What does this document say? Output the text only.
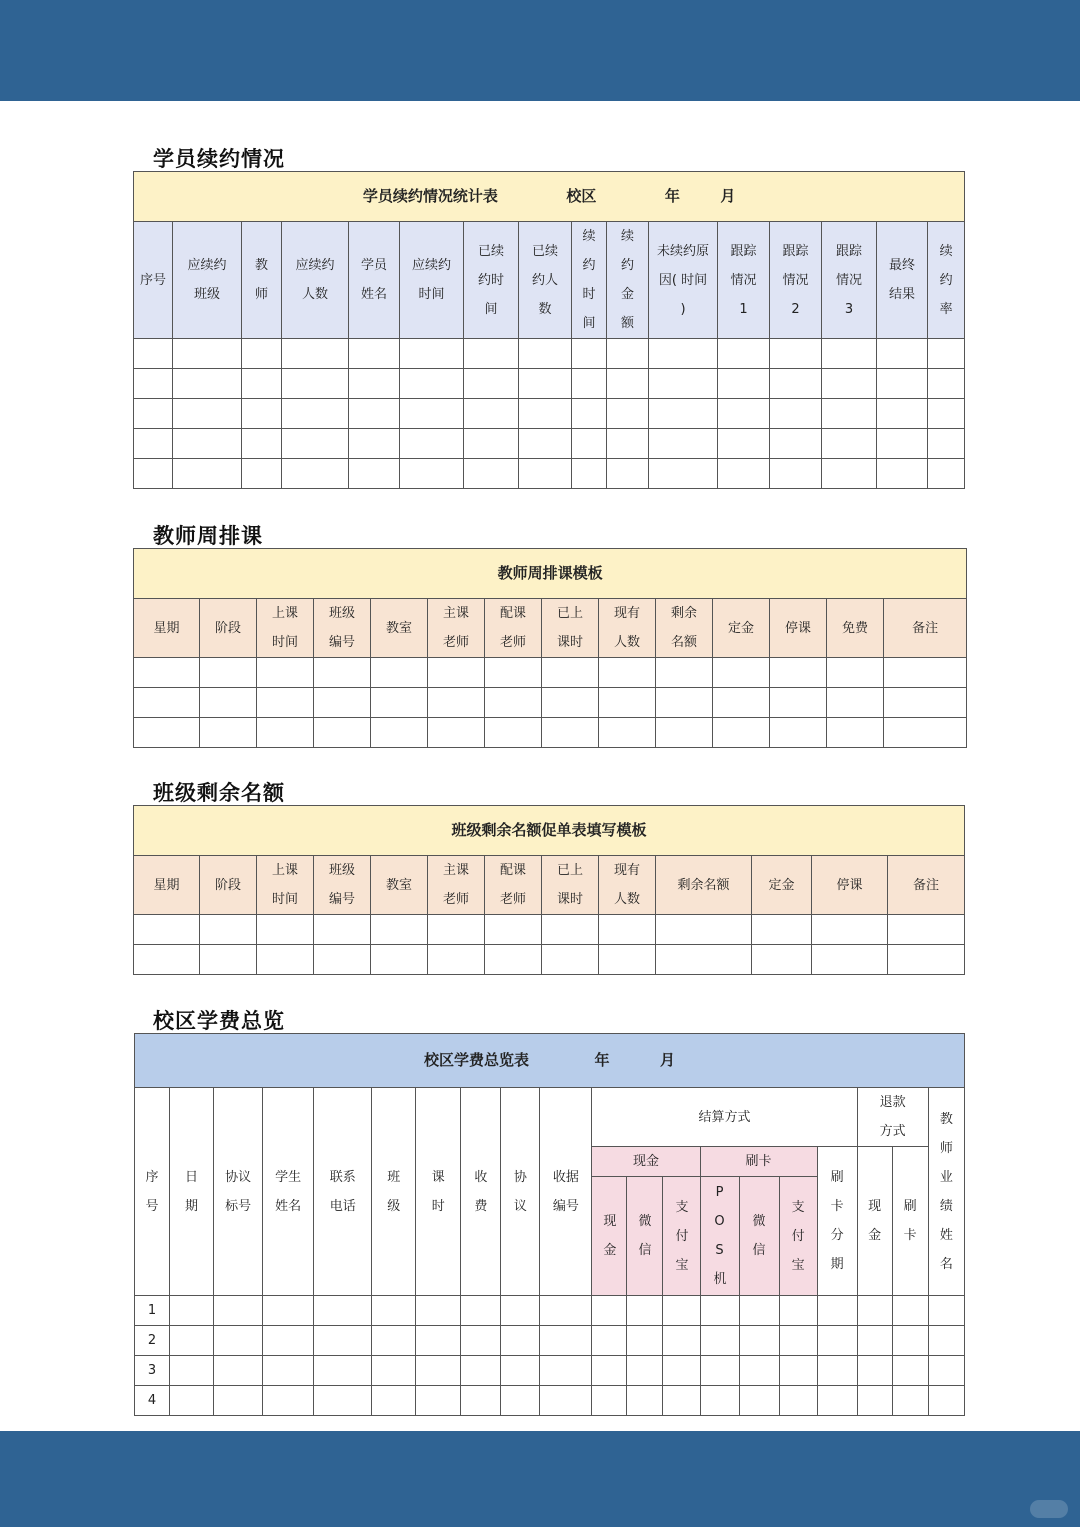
学员续约情况
学员续约情况统计表 校区 年 月															
序号	应续约班级	教师	应续约人数	学员姓名	应续约时间	已续约时间	已续约人数	续约时间	续约金额	未续约原因( 时间 )	跟踪情况1	跟踪情况2	跟踪情况3	最终结果	续约率

教师周排课
教师周排课模板													
星期	阶段	上课时间	班级编号	教室	主课老师	配课老师	已上课时	现有人数	剩余名额	定金	停课	免费	备注

班级剩余名额
班级剩余名额促单表填写模板												
星期	阶段	上课时间	班级编号	教室	主课老师	配课老师	已上课时	现有人数	剩余名额	定金	停课	备注

校区学费总览
校区学费总览表 年 月																			
序号	日期	协议标号	学生姓名	联系电话	班级	课时	收费	协议	收据编号	结算方式							退款方式		教师业绩姓名
										现金			刷卡			刷卡分期	现金	刷卡	
										现金	微信	支付宝	POS机	微信	支付宝				
1																			
2																			
3																			
4																			
